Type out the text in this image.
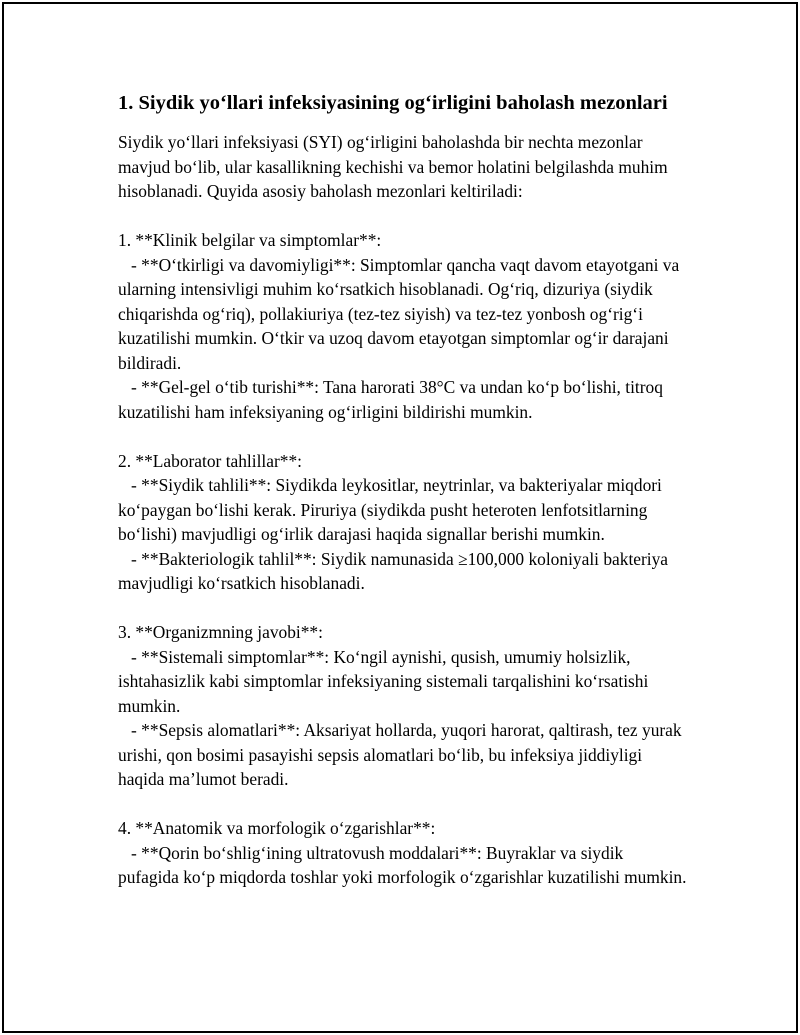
1. Siydik yo‘llari infeksiyasining og‘irligini baholash mezonlari

Siydik yo‘llari infeksiyasi (SYI) og‘irligini baholashda bir nechta mezonlar mavjud bo‘lib, ular kasallikning kechishi va bemor holatini belgilashda muhim hisoblanadi. Quyida asosiy baholash mezonlari keltiriladi:

1. **Klinik belgilar va simptomlar**:

- **O‘tkirligi va davomiyligi**: Simptomlar qancha vaqt davom etayotgani va ularning intensivligi muhim ko‘rsatkich hisoblanadi. Og‘riq, dizuriya (siydik chiqarishda og‘riq), pollakiuriya (tez-tez siyish) va tez-tez yonbosh og‘rig‘i kuzatilishi mumkin. O‘tkir va uzoq davom etayotgan simptomlar og‘ir darajani bildiradi.

- **Gel-gel o‘tib turishi**: Tana harorati 38°C va undan ko‘p bo‘lishi, titroq kuzatilishi ham infeksiyaning og‘irligini bildirishi mumkin.

2. **Laborator tahlillar**:

- **Siydik tahlili**: Siydikda leykositlar, neytrinlar, va bakteriyalar miqdori ko‘paygan bo‘lishi kerak. Piruriya (siydikda pusht heteroten lenfotsitlarning bo‘lishi) mavjudligi og‘irlik darajasi haqida signallar berishi mumkin.

- **Bakteriologik tahlil**: Siydik namunasida ≥100,000 koloniyali bakteriya mavjudligi ko‘rsatkich hisoblanadi.

3. **Organizmning javobi**:

- **Sistemali simptomlar**: Ko‘ngil aynishi, qusish, umumiy holsizlik, ishtahasizlik kabi simptomlar infeksiyaning sistemali tarqalishini ko‘rsatishi mumkin.

- **Sepsis alomatlari**: Aksariyat hollarda, yuqori harorat, qaltirash, tez yurak urishi, qon bosimi pasayishi sepsis alomatlari bo‘lib, bu infeksiya jiddiyligi haqida ma’lumot beradi.

4. **Anatomik va morfologik o‘zgarishlar**:

- **Qorin bo‘shlig‘ining ultratovush moddalari**: Buyraklar va siydik pufagida ko‘p miqdorda toshlar yoki morfologik o‘zgarishlar kuzatilishi mumkin.
